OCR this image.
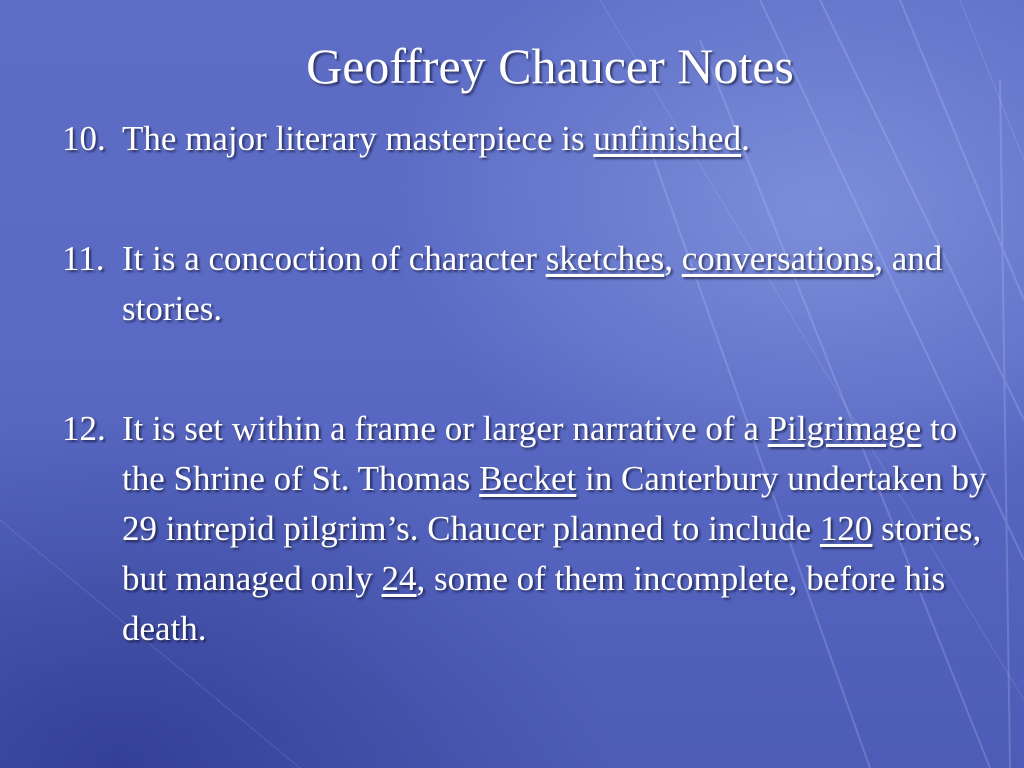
Geoffrey Chaucer Notes
10. The major literary masterpiece is unfinished.
11. It is a concoction of character sketches, conversations, and stories.
12. It is set within a frame or larger narrative of a Pilgrimage to the Shrine of St. Thomas Becket in Canterbury undertaken by 29 intrepid pilgrim’s. Chaucer planned to include 120 stories, but managed only 24, some of them incomplete, before his death.
